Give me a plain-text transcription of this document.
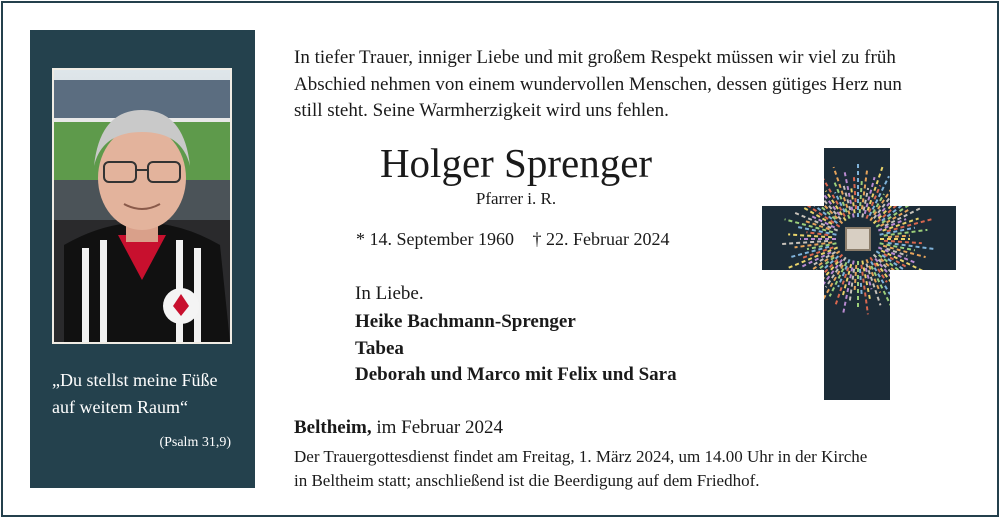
„Du stellst meine Füße
auf weitem Raum“
(Psalm 31,9)
In tiefer Trauer, inniger Liebe und mit großem Respekt müssen wir viel zu früh
Abschied nehmen von einem wundervollen Menschen, dessen gütiges Herz nun
still steht. Seine Warmherzigkeit wird uns fehlen.
Holger Sprenger
Pfarrer i. R.
* 14. September 1960 † 22. Februar 2024
In Liebe.
Heike Bachmann-Sprenger
Tabea
Deborah und Marco mit Felix und Sara
Beltheim, im Februar 2024
Der Trauergottesdienst findet am Freitag, 1. März 2024, um 14.00 Uhr in der Kirche
in Beltheim statt; anschließend ist die Beerdigung auf dem Friedhof.
